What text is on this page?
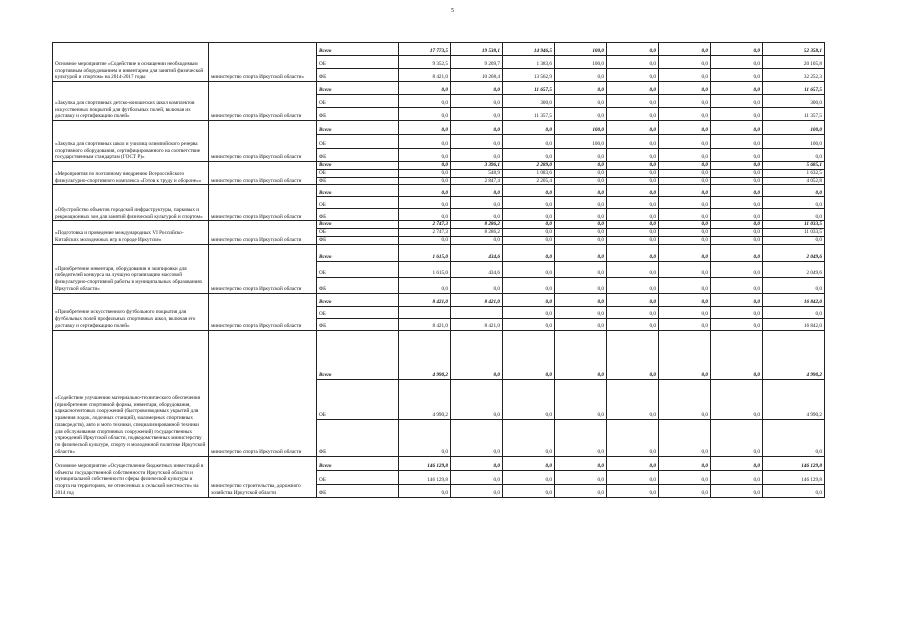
5
Основное мероприятие «Содействие в оснащении необходимым спортивным оборудованием и инвентарем для занятий физической культурой и спортом» на 2014-2017 годы	министерство спорта Иркутской области»	Всего	17 773,5	19 538,1	14 946,5	100,0	0,0	0,0	0,0	52 358,1
		ОБ	9 352,5	9 269,7	1 383,6	100,0	0,0	0,0	0,0	20 105,8
		ФБ	8 421,0	10 268,4	13 562,9	0,0	0,0	0,0	0,0	32 252,3
«Закупка для спортивных детско-юношеских школ комплектов искусственных покрытий для футбольных полей, включая их доставку и сертификацию полей»	министерство спорта Иркутской области	Всего	0,0	0,0	11 657,5	0,0	0,0	0,0	0,0	11 657,5
		ОБ	0,0	0,0	300,0	0,0	0,0	0,0	0,0	300,0
		ФБ	0,0	0,0	11 357,5	0,0	0,0	0,0	0,0	11 357,5
«Закупка для спортивных школ и училищ олимпийского резерва спортивного оборудования, сертифицированного на соответствие государственным стандартам (ГОСТ Р)»	министерство спорта Иркутской области	Всего	0,0	0,0	0,0	100,0	0,0	0,0	0,0	100,0
		ОБ	0,0	0,0	0,0	100,0	0,0	0,0	0,0	100,0
		ФБ	0,0	0,0	0,0	0,0	0,0	0,0	0,0	0,0
«Мероприятия по поэтапному внедрению Всероссийского физкультурно-спортивного комплекса «Готов к труду и обороне»»	министерство спорта Иркутской области	Всего	0,0	3 396,1	2 289,0	0,0	0,0	0,0	0,0	5 685,1
		ОБ	0,0	548,9	1 083,6	0,0	0,0	0,0	0,0	1 632,5
		ФБ	0,0	2 847,4	2 205,4	0,0	0,0	0,0	0,0	4 052,8
«Обустройство объектов городской инфраструктуры, парковых и рекреационных зон для занятий физической культурой и спортом»	министерство спорта Иркутской области	Всего	0,0	0,0	0,0	0,0	0,0	0,0	0,0	0,0
		ОБ	0,0	0,0	0,0	0,0	0,0	0,0	0,0	0,0
		ФБ	0,0	0,0	0,0	0,0	0,0	0,0	0,0	0,0
«Подготовка и проведение международных VI Российско-Китайских молодежных игр в городе Иркутске»	министерство спорта Иркутской области	Всего	2 747,3	8 286,2	0,0	0,0	0,0	0,0	0,0	11 033,5
		ОБ	2 747,3	8 286,2	0,0	0,0	0,0	0,0	0,0	11 033,5
		ФБ	0,0	0,0	0,0	0,0	0,0	0,0	0,0	0,0
«Приобретение инвентаря, оборудования и экипировки для победителей конкурса на лучшую организацию массовой физкультурно-спортивной работы в муниципальных образованиях Иркутской области»	министерство спорта Иркутской области	Всего	1 615,0	434,6	0,0	0,0	0,0	0,0	0,0	2 049,6
		ОБ	1 615,0	434,6	0,0	0,0	0,0	0,0	0,0	2 049,6
		ФБ	0,0	0,0	0,0	0,0	0,0	0,0	0,0	0,0
«Приобретение искусственного футбольного покрытия для футбольных полей профильных спортивных школ, включая его доставку и сертификацию полей»	министерство спорта Иркутской области	Всего	8 421,0	8 421,0	0,0	0,0	0,0	0,0	0,0	16 842,0
		ОБ			0,0	0,0	0,0	0,0	0,0	0,0
		ФБ	8 421,0	8 421,0	0,0	0,0	0,0	0,0	0,0	16 842,0
«Содействие улучшению материально-технического обеспечения (приобретение спортивной формы, инвентаря, оборудования, каркаснотентовых сооружений (быстровозводимых укрытий для хранения лодок, лодочных станций), маломерных спортивных плавсредств), авто и мото техники, специализированной техники для обслуживания спортивных сооружений) государственных учреждений Иркутской области, подведомственных министерству по физической культуре, спорту и молодежной политике Иркутской области»	министерство спорта Иркутской области	Всего	4 990,2	0,0	0,0	0,0	0,0	0,0	0,0	4 990,2
		ОБ	4 990,2	0,0	0,0	0,0	0,0	0,0	0,0	4 990,2
		ФБ	0,0	0,0	0,0	0,0	0,0	0,0	0,0	0,0
Основное мероприятие «Осуществление бюджетных инвестиций в объекты государственной собственности Иркутской области и муниципальной собственности сферы физической культуры и спорта на территориях, не отнесенных к сельской местности» на 2014 год	министерство строительства, дорожного хозяйства Иркутской области	Всего	146 129,8	0,0	0,0	0,0	0,0	0,0	0,0	146 129,8
		ОБ	146 129,8	0,0	0,0	0,0	0,0	0,0	0,0	146 129,8
		ФБ	0,0	0,0	0,0	0,0	0,0	0,0	0,0	0,0
